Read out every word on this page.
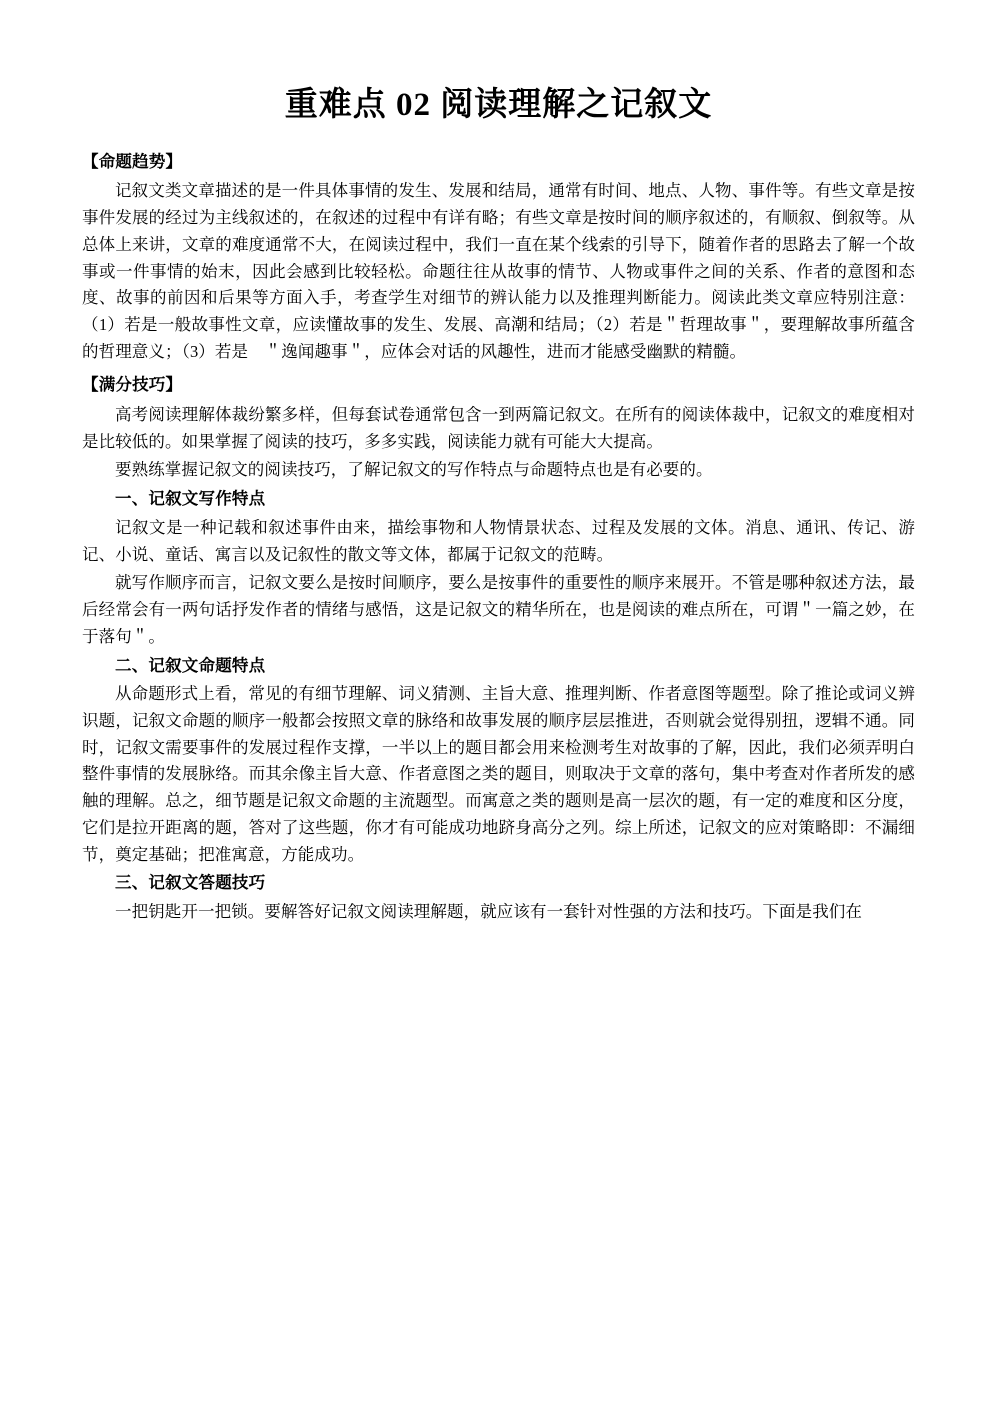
重难点 02 阅读理解之记叙文
【命题趋势】

记叙文类文章描述的是一件具体事情的发生、发展和结局，通常有时间、地点、人物、事件等。有些文章是按事件发展的经过为主线叙述的，在叙述的过程中有详有略；有些文章是按时间的顺序叙述的，有顺叙、倒叙等。从总体上来讲，文章的难度通常不大，在阅读过程中，我们一直在某个线索的引导下，随着作者的思路去了解一个故事或一件事情的始末，因此会感到比较轻松。命题往往从故事的情节、人物或事件之间的关系、作者的意图和态度、故事的前因和后果等方面入手，考查学生对细节的辨认能力以及推理判断能力。阅读此类文章应特别注意：（1）若是一般故事性文章，应读懂故事的发生、发展、高潮和结局；（2）若是＂哲理故事＂，要理解故事所蕴含的哲理意义；（3）若是　＂逸闻趣事＂，应体会对话的风趣性，进而才能感受幽默的精髓。

【满分技巧】

高考阅读理解体裁纷繁多样，但每套试卷通常包含一到两篇记叙文。在所有的阅读体裁中，记叙文的难度相对是比较低的。如果掌握了阅读的技巧，多多实践，阅读能力就有可能大大提高。

要熟练掌握记叙文的阅读技巧，了解记叙文的写作特点与命题特点也是有必要的。

一、记叙文写作特点

记叙文是一种记载和叙述事件由来，描绘事物和人物情景状态、过程及发展的文体。消息、通讯、传记、游记、小说、童话、寓言以及记叙性的散文等文体，都属于记叙文的范畴。

就写作顺序而言，记叙文要么是按时间顺序，要么是按事件的重要性的顺序来展开。不管是哪种叙述方法，最后经常会有一两句话抒发作者的情绪与感悟，这是记叙文的精华所在，也是阅读的难点所在，可谓＂一篇之妙，在于落句＂。

二、记叙文命题特点

从命题形式上看，常见的有细节理解、词义猜测、主旨大意、推理判断、作者意图等题型。除了推论或词义辨识题，记叙文命题的顺序一般都会按照文章的脉络和故事发展的顺序层层推进，否则就会觉得别扭，逻辑不通。同时，记叙文需要事件的发展过程作支撑，一半以上的题目都会用来检测考生对故事的了解，因此，我们必须弄明白整件事情的发展脉络。而其余像主旨大意、作者意图之类的题目，则取决于文章的落句，集中考查对作者所发的感触的理解。总之，细节题是记叙文命题的主流题型。而寓意之类的题则是高一层次的题，有一定的难度和区分度，它们是拉开距离的题，答对了这些题，你才有可能成功地跻身高分之列。综上所述，记叙文的应对策略即：不漏细节，奠定基础；把准寓意，方能成功。

三、记叙文答题技巧

一把钥匙开一把锁。要解答好记叙文阅读理解题，就应该有一套针对性强的方法和技巧。下面是我们在
